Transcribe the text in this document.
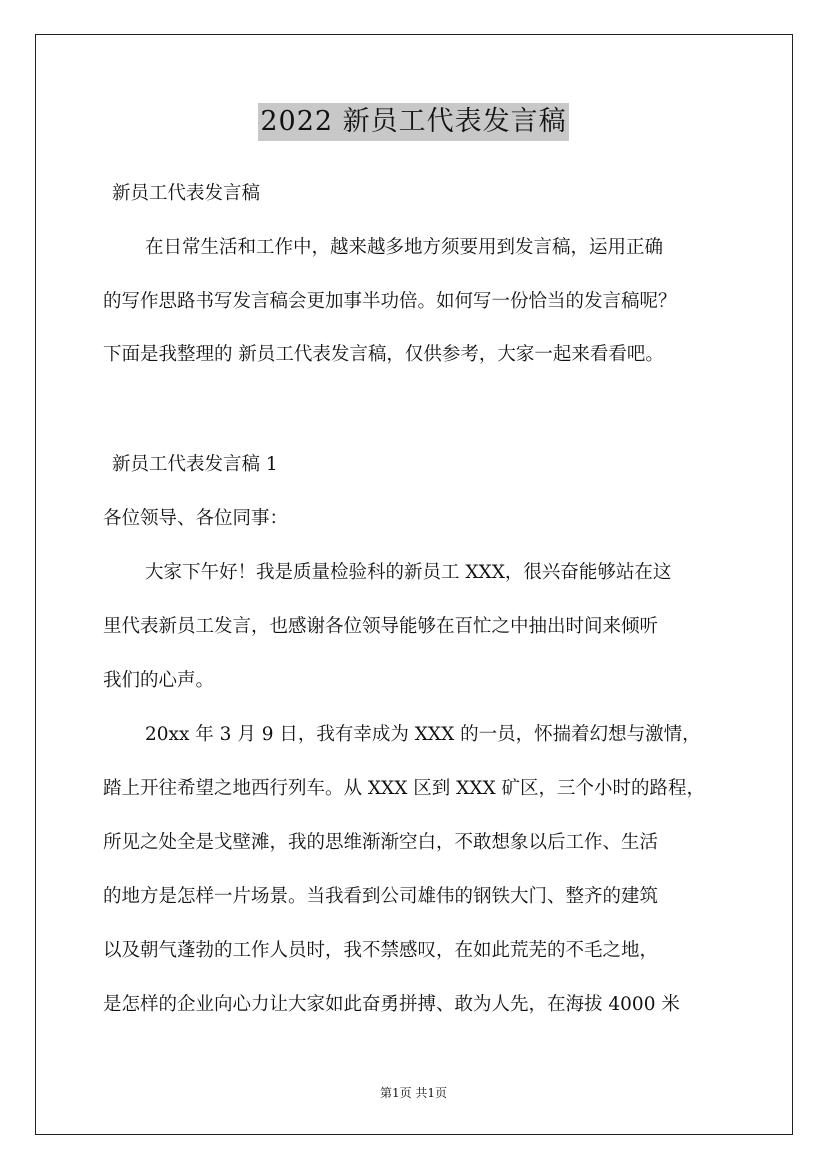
2022 新员工代表发言稿
新员工代表发言稿
在日常生活和工作中，越来越多地方须要用到发言稿，运用正确
的写作思路书写发言稿会更加事半功倍。如何写一份恰当的发言稿呢？
下面是我整理的 新员工代表发言稿，仅供参考，大家一起来看看吧。
新员工代表发言稿 1
各位领导、各位同事：
大家下午好！我是质量检验科的新员工 XXX，很兴奋能够站在这
里代表新员工发言，也感谢各位领导能够在百忙之中抽出时间来倾听
我们的心声。
20xx 年 3 月 9 日，我有幸成为 XXX 的一员，怀揣着幻想与激情，
踏上开往希望之地西行列车。从 XXX 区到 XXX 矿区，三个小时的路程，
所见之处全是戈壁滩，我的思维渐渐空白，不敢想象以后工作、生活
的地方是怎样一片场景。当我看到公司雄伟的钢铁大门、整齐的建筑
以及朝气蓬勃的工作人员时，我不禁感叹，在如此荒芜的不毛之地，
是怎样的企业向心力让大家如此奋勇拼搏、敢为人先，在海拔 4000 米
第1页 共1页
